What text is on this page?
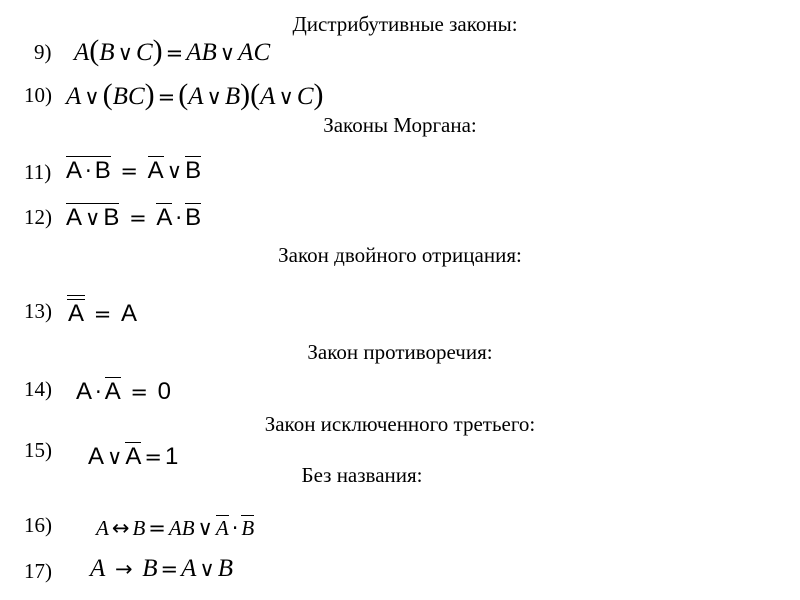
Дистрибутивные законы:
Законы Моргана:
Закон двойного отрицания:
Закон противоречия:
Закон исключенного третьего:
Без названия:
9)
10)
11)
12)
13)
14)
15)
16)
17)
A(B ∨ C) = AB ∨ AC
A ∨ (BC) = (A ∨ B)(A ∨ C)
A · B = A ∨ B
A ∨ B = A · B
A = A
A · A = 0
A ∨ A = 1
A ↔ B = AB ∨ A · B
A → B = A ∨ B
